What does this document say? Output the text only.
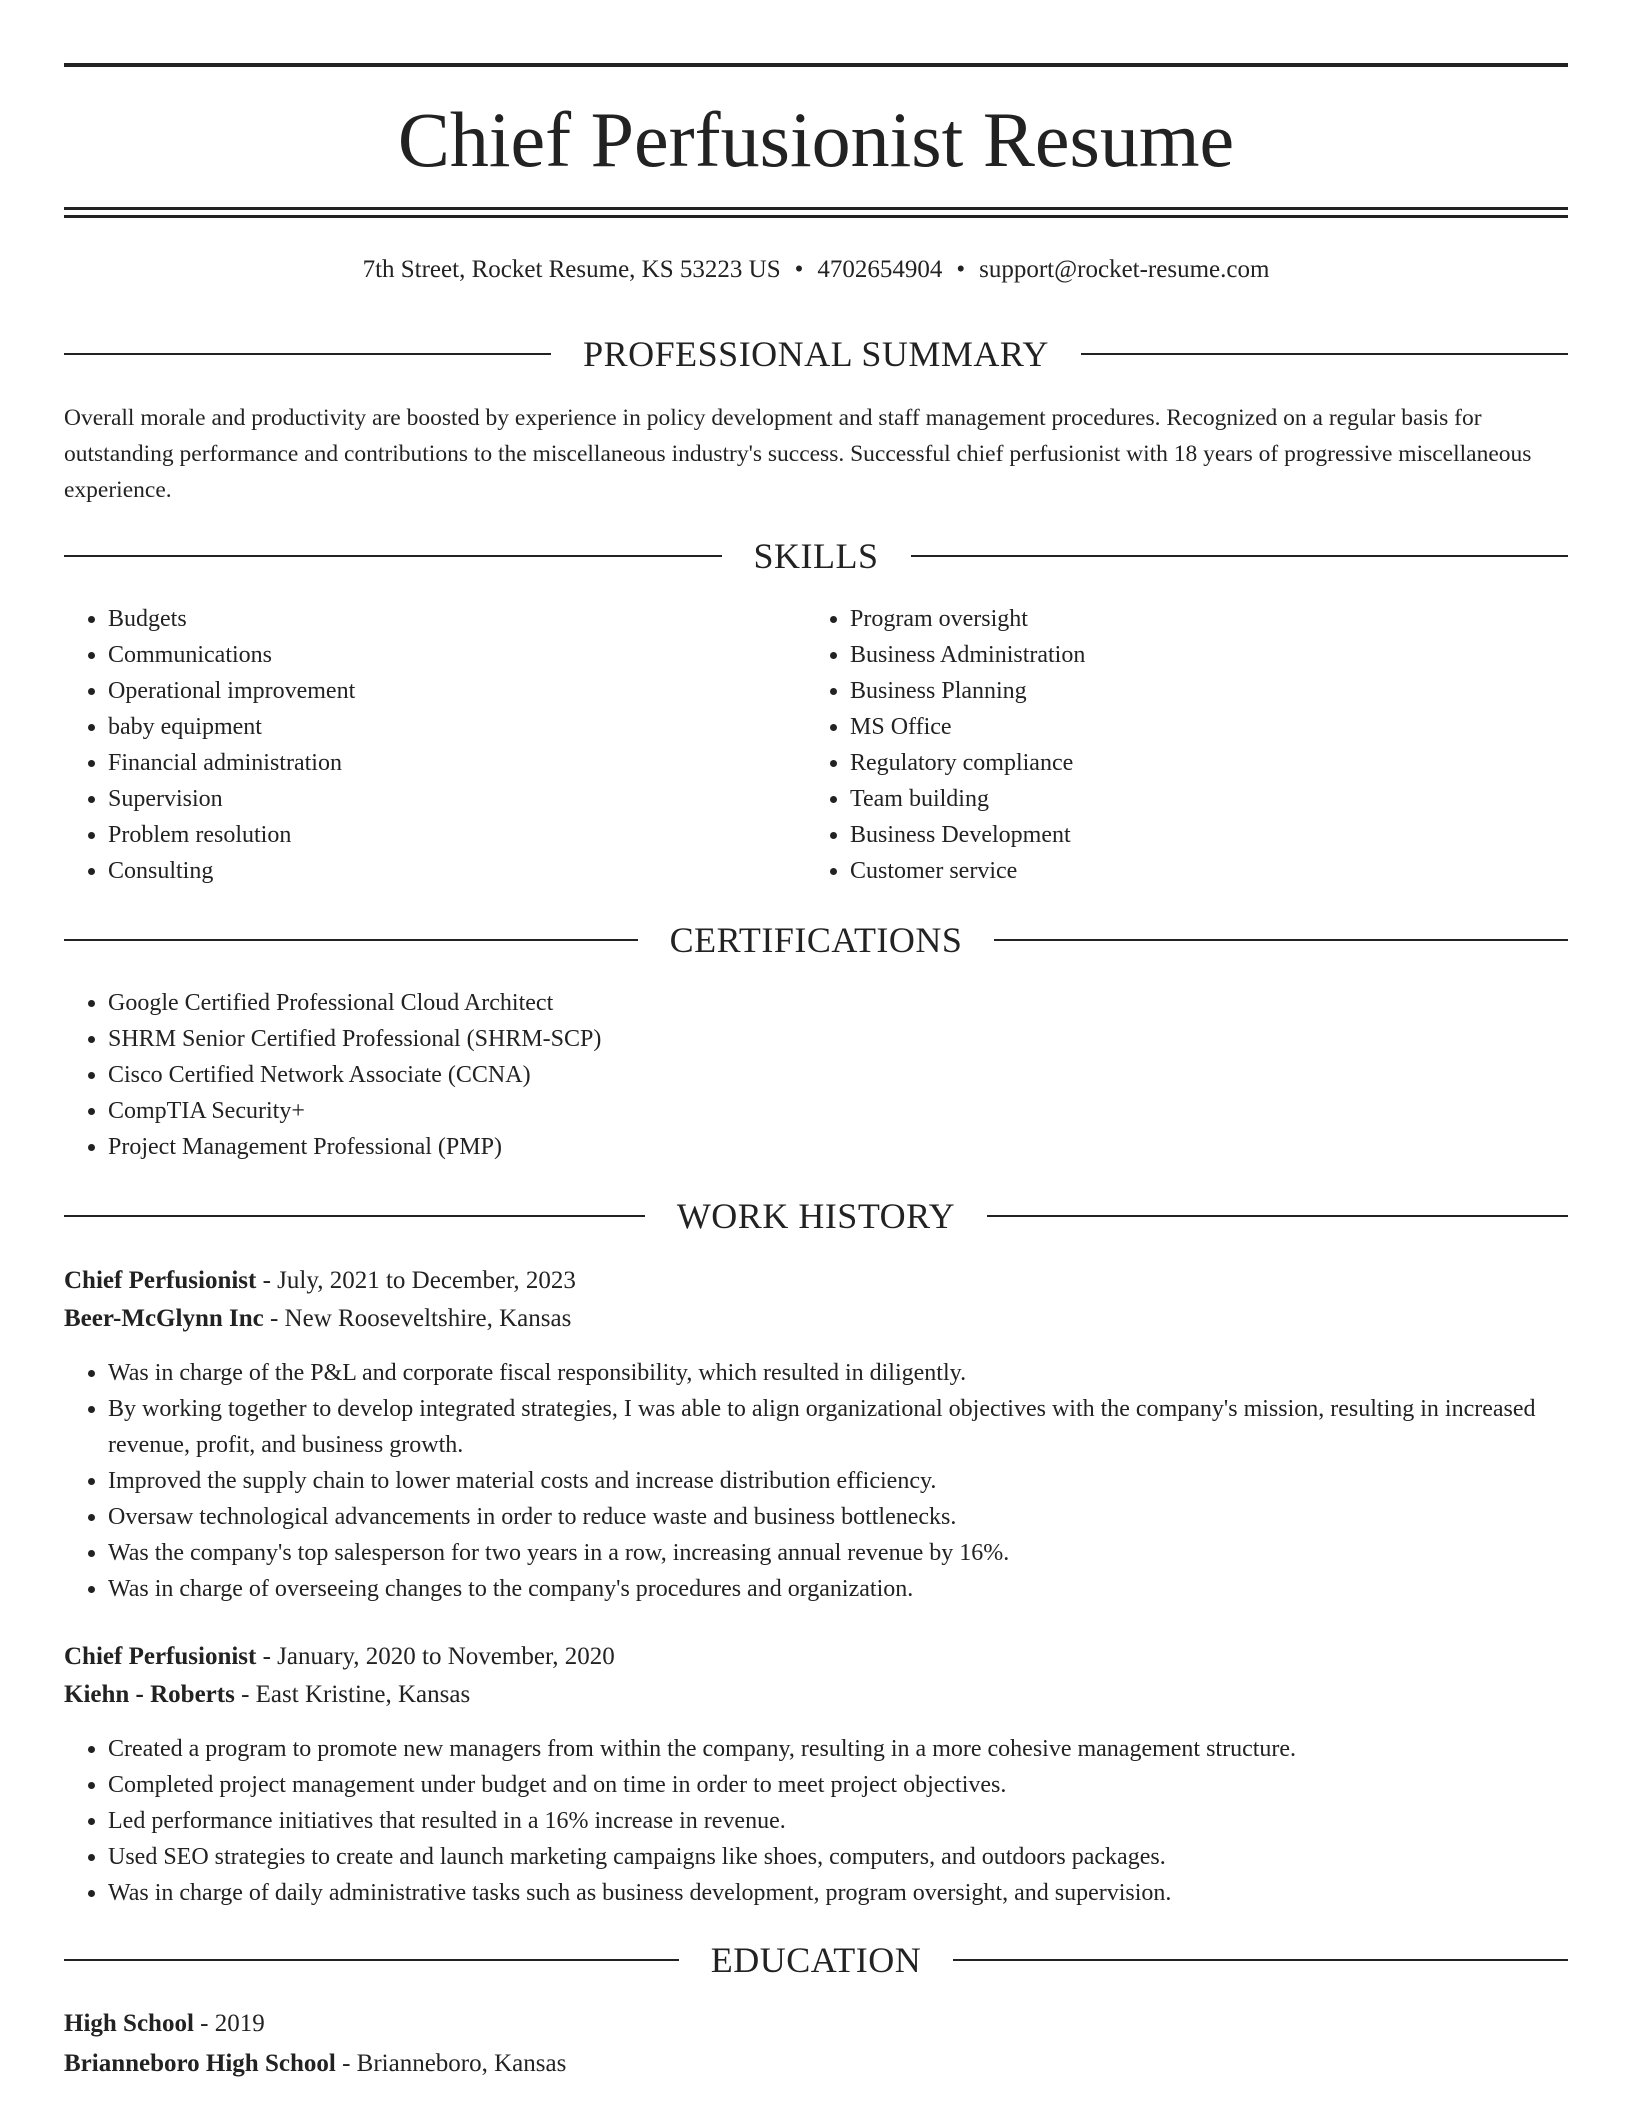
Chief Perfusionist Resume
7th Street, Rocket Resume, KS 53223 US • 4702654904 • support@rocket-resume.com
PROFESSIONAL SUMMARY
Overall morale and productivity are boosted by experience in policy development and staff management procedures. Recognized on a regular basis for outstanding performance and contributions to the miscellaneous industry's success. Successful chief perfusionist with 18 years of progressive miscellaneous experience.
SKILLS
• Budgets
• Communications
• Operational improvement
• baby equipment
• Financial administration
• Supervision
• Problem resolution
• Consulting
• Program oversight
• Business Administration
• Business Planning
• MS Office
• Regulatory compliance
• Team building
• Business Development
• Customer service
CERTIFICATIONS
• Google Certified Professional Cloud Architect
• SHRM Senior Certified Professional (SHRM-SCP)
• Cisco Certified Network Associate (CCNA)
• CompTIA Security+
• Project Management Professional (PMP)
WORK HISTORY
Chief Perfusionist - July, 2021 to December, 2023
Beer-McGlynn Inc - New Rooseveltshire, Kansas
• Was in charge of the P&L and corporate fiscal responsibility, which resulted in diligently.
• By working together to develop integrated strategies, I was able to align organizational objectives with the company's mission, resulting in increased revenue, profit, and business growth.
• Improved the supply chain to lower material costs and increase distribution efficiency.
• Oversaw technological advancements in order to reduce waste and business bottlenecks.
• Was the company's top salesperson for two years in a row, increasing annual revenue by 16%.
• Was in charge of overseeing changes to the company's procedures and organization.
Chief Perfusionist - January, 2020 to November, 2020
Kiehn - Roberts - East Kristine, Kansas
• Created a program to promote new managers from within the company, resulting in a more cohesive management structure.
• Completed project management under budget and on time in order to meet project objectives.
• Led performance initiatives that resulted in a 16% increase in revenue.
• Used SEO strategies to create and launch marketing campaigns like shoes, computers, and outdoors packages.
• Was in charge of daily administrative tasks such as business development, program oversight, and supervision.
EDUCATION
High School - 2019
Brianneboro High School - Brianneboro, Kansas
